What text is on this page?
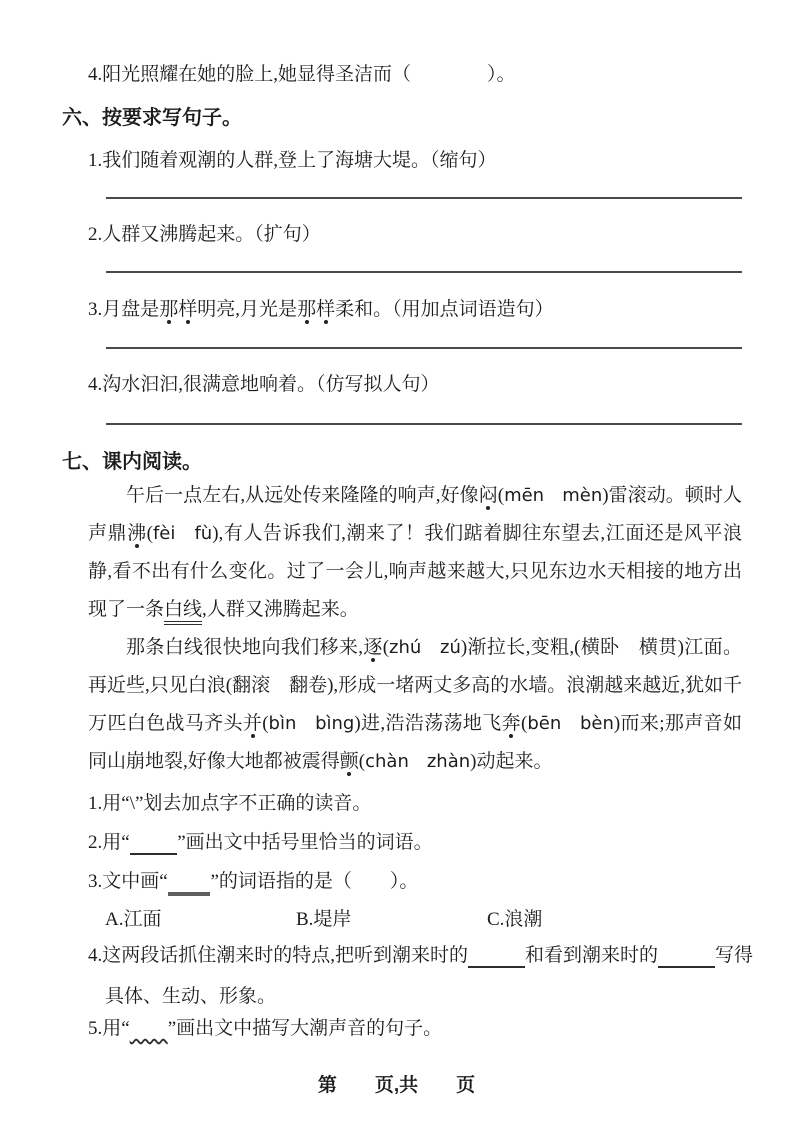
4.阳光照耀在她的脸上,她显得圣洁而（　　　　）。
六、按要求写句子。
1.我们随着观潮的人群,登上了海塘大堤。（缩句）
2.人群又沸腾起来。（扩句）
3.月盘是那样明亮,月光是那样柔和。（用加点词语造句）
4.沟水汩汩,很满意地响着。（仿写拟人句）
七、课内阅读。

午后一点左右,从远处传来隆隆的响声,好像闷(mēn　mèn)雷滚动。顿时人声鼎沸(fèi　fù),有人告诉我们,潮来了！我们踮着脚往东望去,江面还是风平浪静,看不出有什么变化。过了一会儿,响声越来越大,只见东边水天相接的地方出现了一条白线,人群又沸腾起来。

那条白线很快地向我们移来,逐(zhú　zú)渐拉长,变粗,(横卧　横贯)江面。再近些,只见白浪(翻滚　翻卷),形成一堵两丈多高的水墙。浪潮越来越近,犹如千万匹白色战马齐头并(bìn　bìng)进,浩浩荡荡地飞奔(bēn　bèn)而来;那声音如同山崩地裂,好像大地都被震得颤(chàn　zhàn)动起来。

1.用“\”划去加点字不正确的读音。
2.用“	”画出文中括号里恰当的词语。
3.文中画“ ”的词语指的是（　　）。
A.江面	B.堤岸	C.浪潮
4.这两段话抓住潮来时的特点,把听到潮来时的	和看到潮来时的	写得
具体、生动、形象。
5.用“ ”画出文中描写大潮声音的句子。
第　　页,共　　页
